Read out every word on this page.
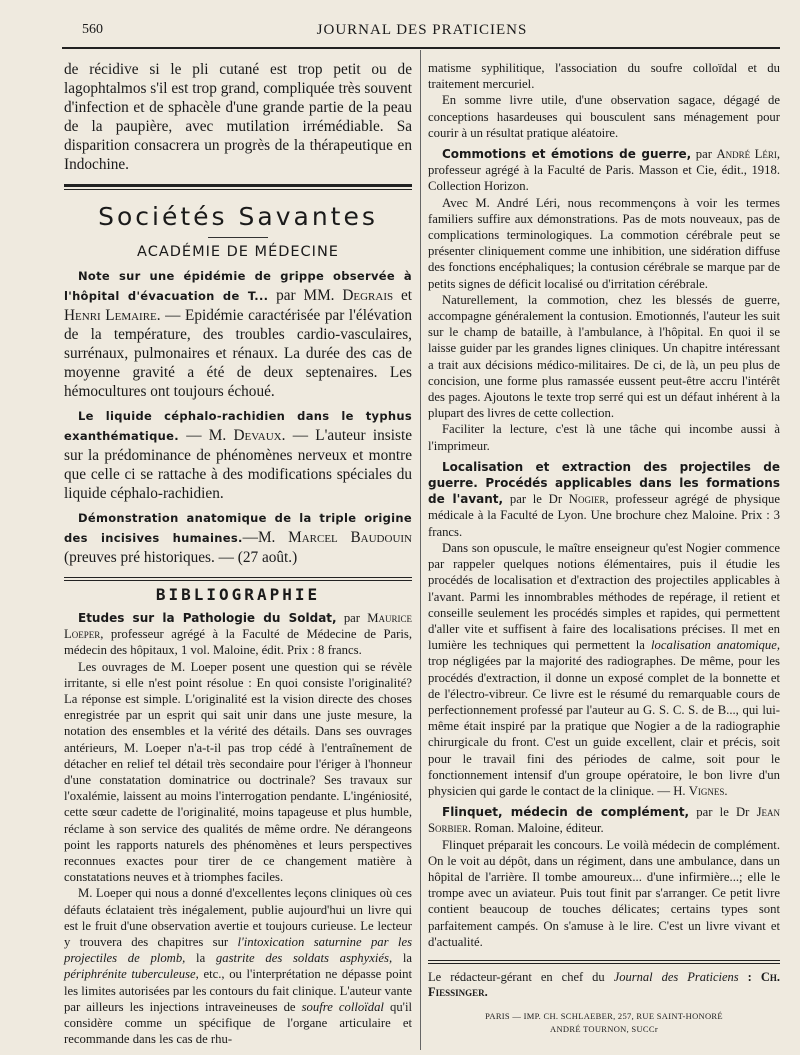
560	JOURNAL DES PRATICIENS

de récidive si le pli cutané est trop petit ou de lagophtalmos s'il est trop grand, compliquée très souvent d'infection et de sphacèle d'une grande partie de la peau de la paupière, avec mutilation irrémédiable. Sa disparition consacrera un progrès de la thérapeutique en Indochine.

Sociétés Savantes
ACADÉMIE DE MÉDECINE

Note sur une épidémie de grippe observée à l'hôpital d'évacuation de T... par MM. Degrais et Henri Lemaire. — Epidémie caractérisée par l'élévation de la température, des troubles cardio-vasculaires, surrénaux, pulmonaires et rénaux. La durée des cas de moyenne gravité a été de deux septenaires. Les hémocultures ont toujours échoué.

Le liquide céphalo-rachidien dans le typhus exanthématique. — M. Devaux. — L'auteur insiste sur la prédominance de phénomènes nerveux et montre que celle ci se rattache à des modifications spéciales du liquide céphalo-rachidien.

Démonstration anatomique de la triple origine des incisives humaines.—M. Marcel Baudouin (preuves pré historiques. — (27 août.)

BIBLIOGRAPHIE

Etudes sur la Pathologie du Soldat, par Maurice Loeper, professeur agrégé à la Faculté de Médecine de Paris, médecin des hôpitaux, 1 vol. Maloine, édit. Prix : 8 francs.

Les ouvrages de M. Loeper posent une question qui se révèle irritante, si elle n'est point résolue : En quoi consiste l'originalité? La réponse est simple. L'originalité est la vision directe des choses enregistrée par un esprit qui sait unir dans une juste mesure, la notation des ensembles et la vérité des détails. Dans ses ouvrages antérieurs, M. Loeper n'a-t-il pas trop cédé à l'entraînement de détacher en relief tel détail très secondaire pour l'ériger à l'honneur d'une constatation dominatrice ou doctrinale? Ses travaux sur l'oxalémie, laissent au moins l'interrogation pendante. L'ingéniosité, cette sœur cadette de l'originalité, moins tapageuse et plus humble, réclame à son service des qualités de même ordre. Ne dérangeons point les rapports naturels des phénomènes et leurs perspectives reconnues exactes pour tirer de ce changement matière à constatations neuves et à triomphes faciles.

M. Loeper qui nous a donné d'excellentes leçons cliniques où ces défauts éclataient très inégalement, publie aujourd'hui un livre qui est le fruit d'une observation avertie et toujours curieuse. Le lecteur y trouvera des chapitres sur l'intoxication saturnine par les projectiles de plomb, la gastrite des soldats asphyxiés, la périphrénite tuberculeuse, etc., ou l'interprétation ne dépasse point les limites autorisées par les contours du fait clinique. L'auteur vante par ailleurs les injections intraveineuses de soufre colloïdal qu'il considère comme un spécifique de l'organe articulaire et recommande dans les cas de rhu-

matisme syphilitique, l'association du soufre colloïdal et du traitement mercuriel.

En somme livre utile, d'une observation sagace, dégagé de conceptions hasardeuses qui bousculent sans ménagement pour courir à un résultat pratique aléatoire.

Commotions et émotions de guerre, par André Léri, professeur agrégé à la Faculté de Paris. Masson et Cie, édit., 1918. Collection Horizon.

Avec M. André Léri, nous recommençons à voir les termes familiers suffire aux démonstrations. Pas de mots nouveaux, pas de complications terminologiques. La commotion cérébrale peut se présenter cliniquement comme une inhibition, une sidération diffuse des fonctions encéphaliques; la contusion cérébrale se marque par de petits signes de déficit localisé ou d'irritation cérébrale.

Naturellement, la commotion, chez les blessés de guerre, accompagne généralement la contusion. Emotionnés, l'auteur les suit sur le champ de bataille, à l'ambulance, à l'hôpital. En quoi il se laisse guider par les grandes lignes cliniques. Un chapitre intéressant a trait aux décisions médico-militaires. De ci, de là, un peu plus de concision, une forme plus ramassée eussent peut-être accru l'intérêt des pages. Ajoutons le texte trop serré qui est un défaut inhérent à la plupart des livres de cette collection.

Faciliter la lecture, c'est là une tâche qui incombe aussi à l'imprimeur.

Localisation et extraction des projectiles de guerre. Procédés applicables dans les formations de l'avant, par le Dr Nogier, professeur agrégé de physique médicale à la Faculté de Lyon. Une brochure chez Maloine. Prix : 3 francs.

Dans son opuscule, le maître enseigneur qu'est Nogier commence par rappeler quelques notions élémentaires, puis il étudie les procédés de localisation et d'extraction des projectiles applicables à l'avant. Parmi les innombrables méthodes de repérage, il retient et conseille seulement les procédés simples et rapides, qui permettent d'aller vite et suffisent à faire des localisations précises. Il met en lumière les techniques qui permettent la localisation anatomique, trop négligées par la majorité des radiographes. De même, pour les procédés d'extraction, il donne un exposé complet de la bonnette et de l'électro-vibreur. Ce livre est le résumé du remarquable cours de perfectionnement professé par l'auteur au G. S. C. S. de B..., qui lui-même était inspiré par la pratique que Nogier a de la radiographie chirurgicale du front. C'est un guide excellent, clair et précis, soit pour le travail fini des périodes de calme, soit pour le fonctionnement intensif d'un groupe opératoire, le bon livre d'un physicien qui garde le contact de la clinique. — H. Vignes.

Flinquet, médecin de complément, par le Dr Jean Sorbier. Roman. Maloine, éditeur.

Flinquet préparait les concours. Le voilà médecin de complément. On le voit au dépôt, dans un régiment, dans une ambulance, dans un hôpital de l'arrière. Il tombe amoureux... d'une infirmière...; elle le trompe avec un aviateur. Puis tout finit par s'arranger. Ce petit livre contient beaucoup de touches délicates; certains types sont parfaitement campés. On s'amuse à le lire. C'est un livre vivant et d'actualité.

Le rédacteur-gérant en chef du Journal des Praticiens : Ch. Fiessinger.

PARIS — IMP. CH. SCHLAEBER, 257, RUE SAINT-HONORÉ
ANDRÉ TOURNON, SUCCr
